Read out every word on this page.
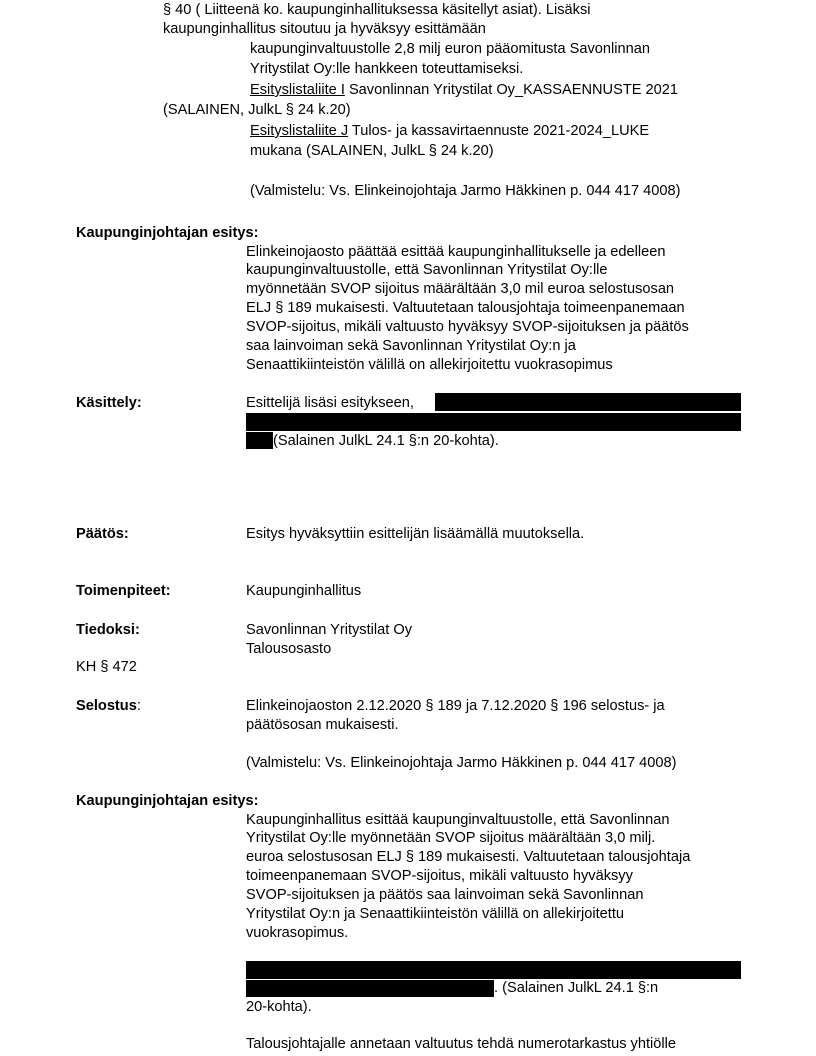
§ 40 ( Liitteenä ko. kaupunginhallituksessa käsitellyt asiat). Lisäksi
kaupunginhallitus sitoutuu ja hyväksyy esittämään
kaupunginvaltuustolle 2,8 milj euron pääomitusta Savonlinnan
Yritystilat Oy:lle hankkeen toteuttamiseksi.
Esityslistaliite I Savonlinnan Yritystilat Oy_KASSAENNUSTE 2021
(SALAINEN, JulkL § 24 k.20)
Esityslistaliite J Tulos- ja kassavirtaennuste 2021-2024_LUKE
mukana (SALAINEN, JulkL § 24 k.20)
(Valmistelu: Vs. Elinkeinojohtaja Jarmo Häkkinen p. 044 417 4008)
Kaupunginjohtajan esitys:
Elinkeinojaosto päättää esittää kaupunginhallitukselle ja edelleen
kaupunginvaltuustolle, että Savonlinnan Yritystilat Oy:lle
myönnetään SVOP sijoitus määrältään 3,0 mil euroa selostusosan
ELJ § 189 mukaisesti. Valtuutetaan talousjohtaja toimeenpanemaan
SVOP-sijoitus, mikäli valtuusto hyväksyy SVOP-sijoituksen ja päätös
saa lainvoiman sekä Savonlinnan Yritystilat Oy:n ja
Senaattikiinteistön välillä on allekirjoitettu vuokrasopimus
Käsittely:	Esittelijä lisäsi esitykseen,
(Salainen JulkL 24.1 §:n 20-kohta).
Päätös:	Esitys hyväksyttiin esittelijän lisäämällä muutoksella.
Toimenpiteet:	Kaupunginhallitus
Tiedoksi:	Savonlinnan Yritystilat Oy
Talousosasto
KH § 472
Selostus:	Elinkeinojaoston 2.12.2020 § 189 ja 7.12.2020 § 196 selostus- ja
päätösosan mukaisesti.
(Valmistelu: Vs. Elinkeinojohtaja Jarmo Häkkinen p. 044 417 4008)
Kaupunginjohtajan esitys:
Kaupunginhallitus esittää kaupunginvaltuustolle, että Savonlinnan
Yritystilat Oy:lle myönnetään SVOP sijoitus määrältään 3,0 milj.
euroa selostusosan ELJ § 189 mukaisesti. Valtuutetaan talousjohtaja
toimeenpanemaan SVOP-sijoitus, mikäli valtuusto hyväksyy
SVOP-sijoituksen ja päätös saa lainvoiman sekä Savonlinnan
Yritystilat Oy:n ja Senaattikiinteistön välillä on allekirjoitettu
vuokrasopimus.
. (Salainen JulkL 24.1 §:n
20-kohta).
Talousjohtajalle annetaan valtuutus tehdä numerotarkastus yhtiölle
